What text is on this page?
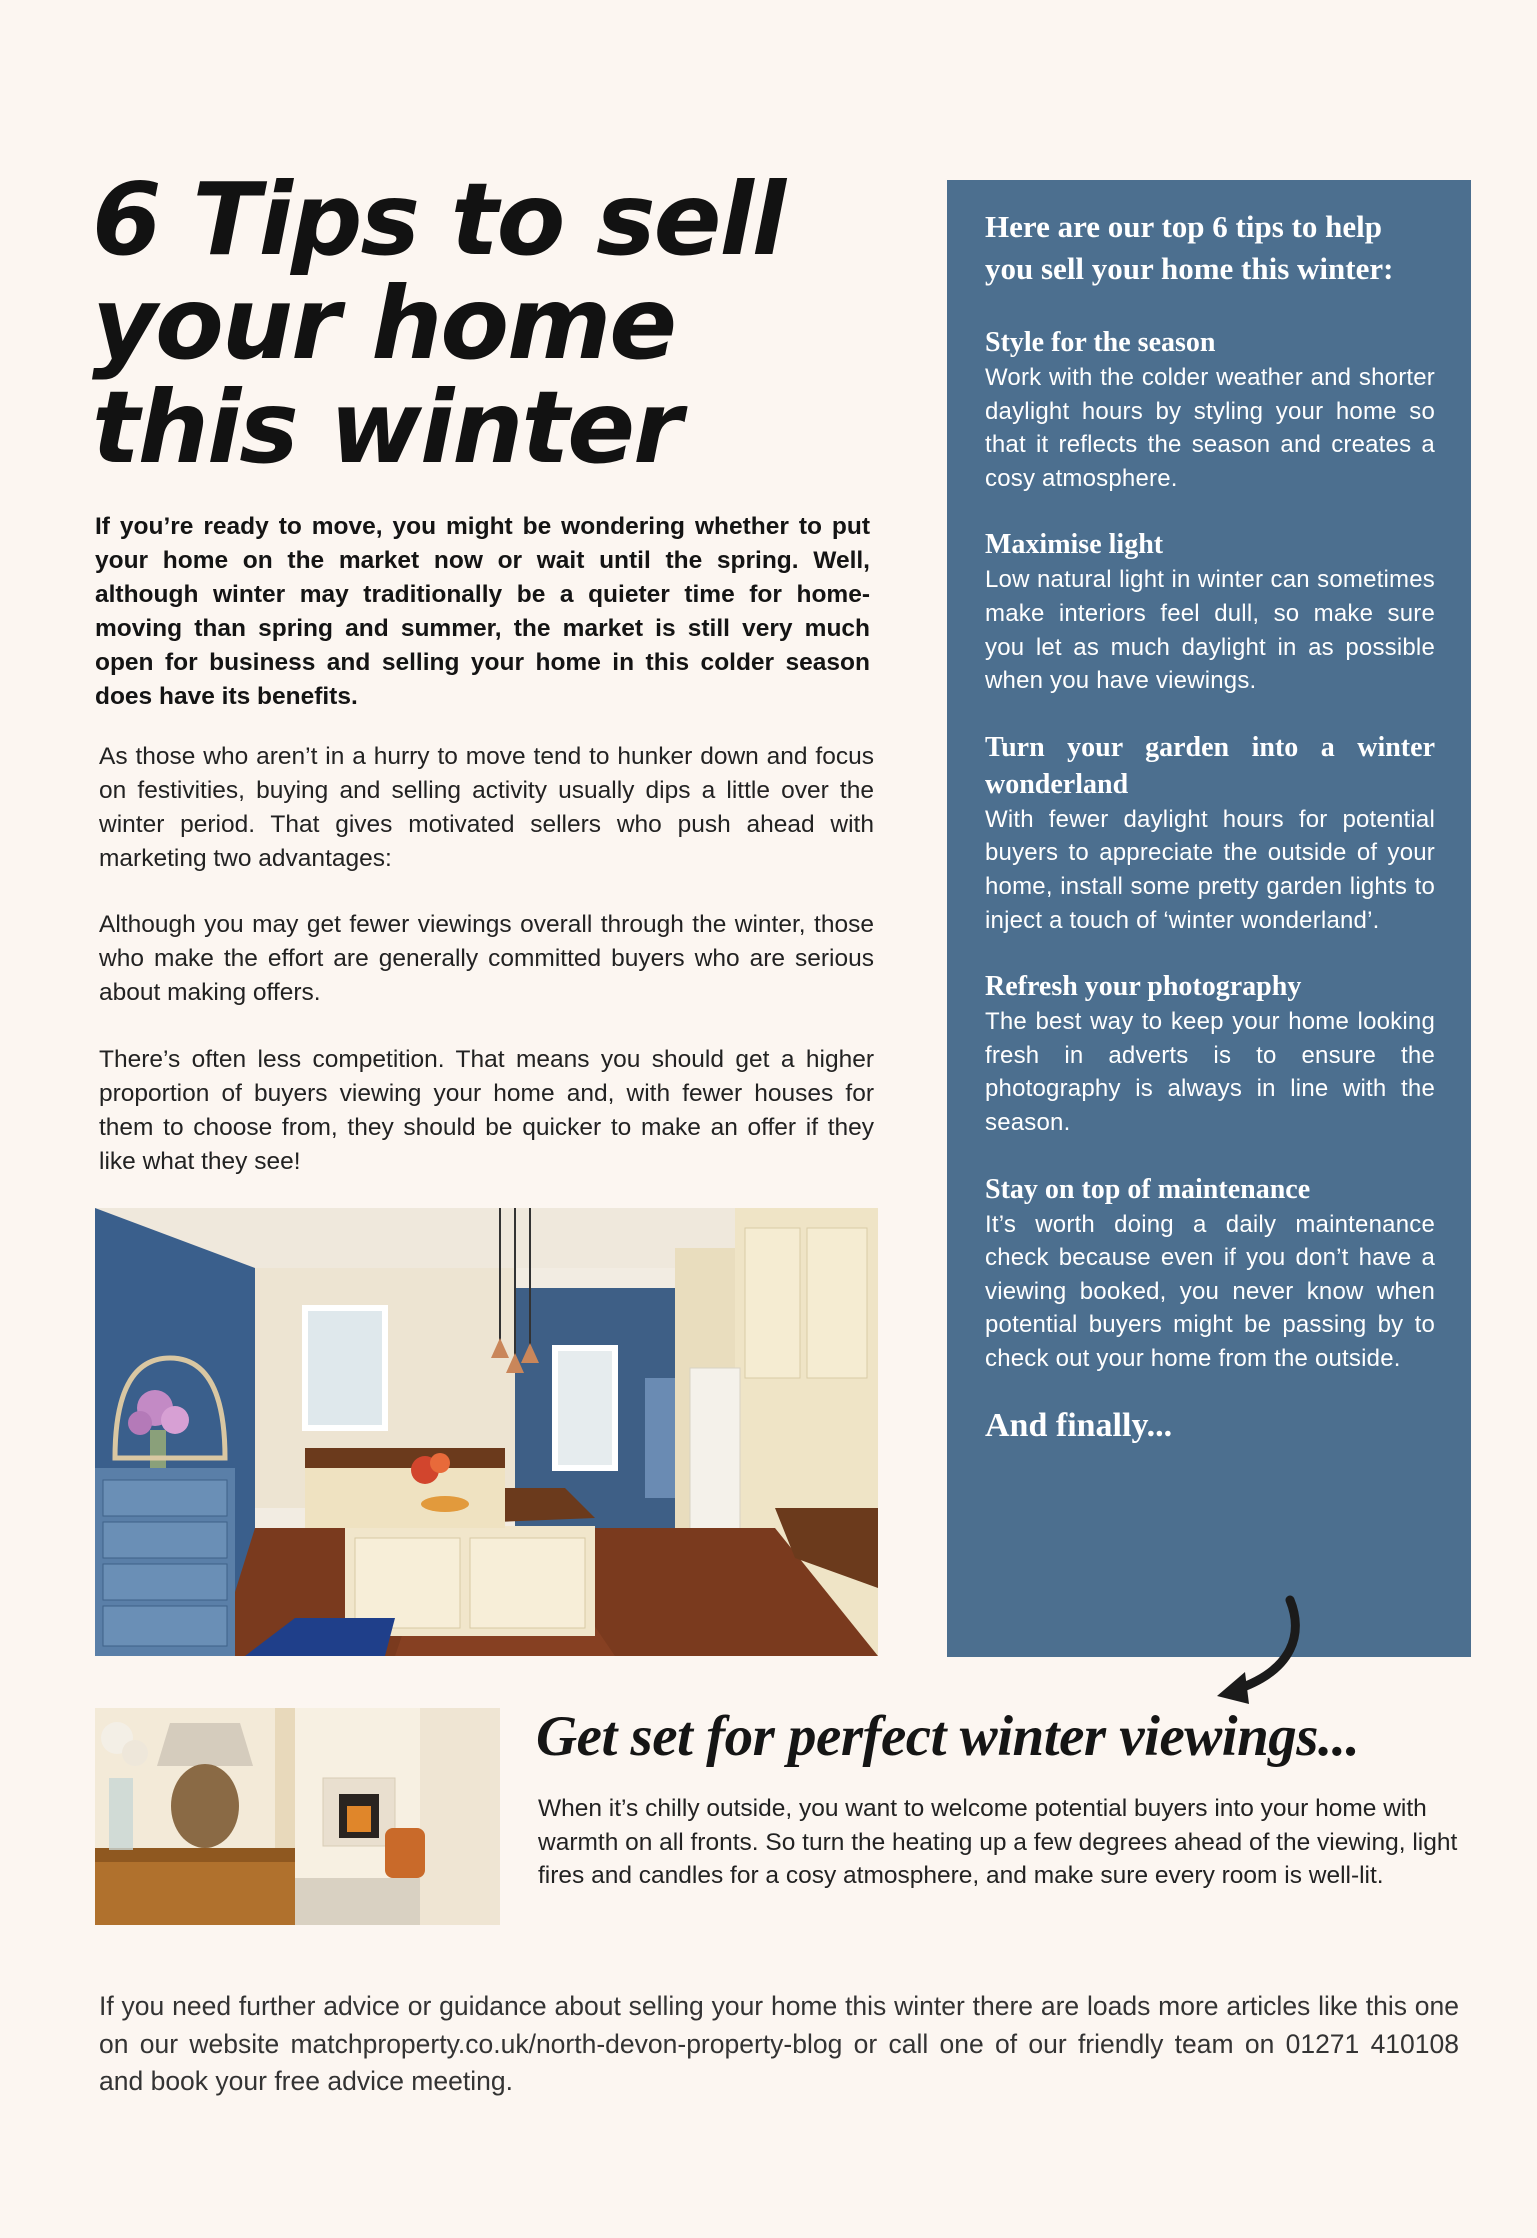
6 Tips to sell
your home
this winter

If you’re ready to move, you might be wondering whether to put your home on the market now or wait until the spring. Well, although winter may traditionally be a quieter time for home-moving than spring and summer, the market is still very much open for business and selling your home in this colder season does have its benefits.

As those who aren’t in a hurry to move tend to hunker down and focus on festivities, buying and selling activity usually dips a little over the winter period. That gives motivated sellers who push ahead with marketing two advantages:

Although you may get fewer viewings overall through the winter, those who make the effort are generally committed buyers who are serious about making offers.

There’s often less competition. That means you should get a higher proportion of buyers viewing your home and, with fewer houses for them to choose from, they should be quicker to make an offer if they like what they see!

Here are our top 6 tips to help you sell your home this winter:

Style for the season

Work with the colder weather and shorter daylight hours by styling your home so that it reflects the season and creates a cosy atmosphere.

Maximise light

Low natural light in winter can sometimes make interiors feel dull, so make sure you let as much daylight in as possible when you have viewings.

Turn your garden into a winter wonderland

With fewer daylight hours for potential buyers to appreciate the outside of your home, install some pretty garden lights to inject a touch of ‘winter wonderland’.

Refresh your photography

The best way to keep your home looking fresh in adverts is to ensure the photography is always in line with the season.

Stay on top of maintenance

It’s worth doing a daily maintenance check because even if you don’t have a viewing booked, you never know when potential buyers might be passing by to check out your home from the outside.

And finally...
Get set for perfect winter viewings...

When it’s chilly outside, you want to welcome potential buyers into your home with warmth on all fronts. So turn the heating up a few degrees ahead of the viewing, light fires and candles for a cosy atmosphere, and make sure every room is well-lit.

If you need further advice or guidance about selling your home this winter there are loads more articles like this one on our website matchproperty.co.uk/north-devon-property-blog or call one of our friendly team on 01271 410108 and book your free advice meeting.
